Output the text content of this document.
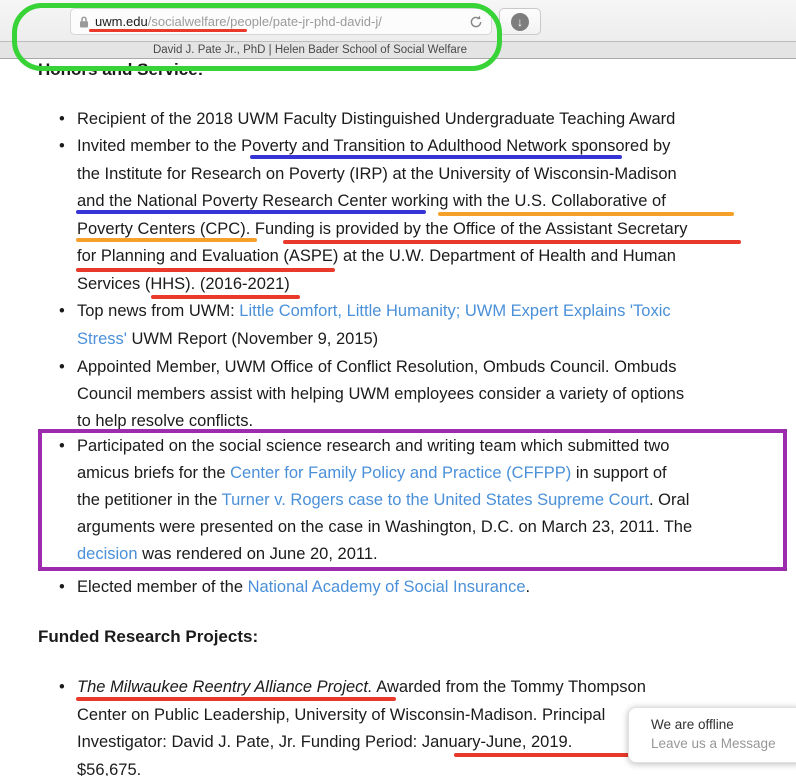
uwm.edu/socialwelfare/people/pate-jr-phd-david-j/
↓
David J. Pate Jr., PhD | Helen Bader School of Social Welfare
Honors and Service:
• Recipient of the 2018 UWM Faculty Distinguished Undergraduate Teaching Award
• Invited member to the Poverty and Transition to Adulthood Network sponsored by
the Institute for Research on Poverty (IRP) at the University of Wisconsin-Madison
and the National Poverty Research Center working with the U.S. Collaborative of
Poverty Centers (CPC). Funding is provided by the Office of the Assistant Secretary
for Planning and Evaluation (ASPE) at the U.W. Department of Health and Human
Services (HHS). (2016-2021)
• Top news from UWM: Little Comfort, Little Humanity; UWM Expert Explains 'Toxic
Stress' UWM Report (November 9, 2015)
• Appointed Member, UWM Office of Conflict Resolution, Ombuds Council. Ombuds
Council members assist with helping UWM employees consider a variety of options
to help resolve conflicts.
• Participated on the social science research and writing team which submitted two
amicus briefs for the Center for Family Policy and Practice (CFFPP) in support of
the petitioner in the Turner v. Rogers case to the United States Supreme Court. Oral
arguments were presented on the case in Washington, D.C. on March 23, 2011. The
decision was rendered on June 20, 2011.
• Elected member of the National Academy of Social Insurance.
• The Milwaukee Reentry Alliance Project. Awarded from the Tommy Thompson
Center on Public Leadership, University of Wisconsin-Madison. Principal
Investigator: David J. Pate, Jr. Funding Period: January-June, 2019.
$56,675.
Funded Research Projects:
We are offline
Leave us a Message
